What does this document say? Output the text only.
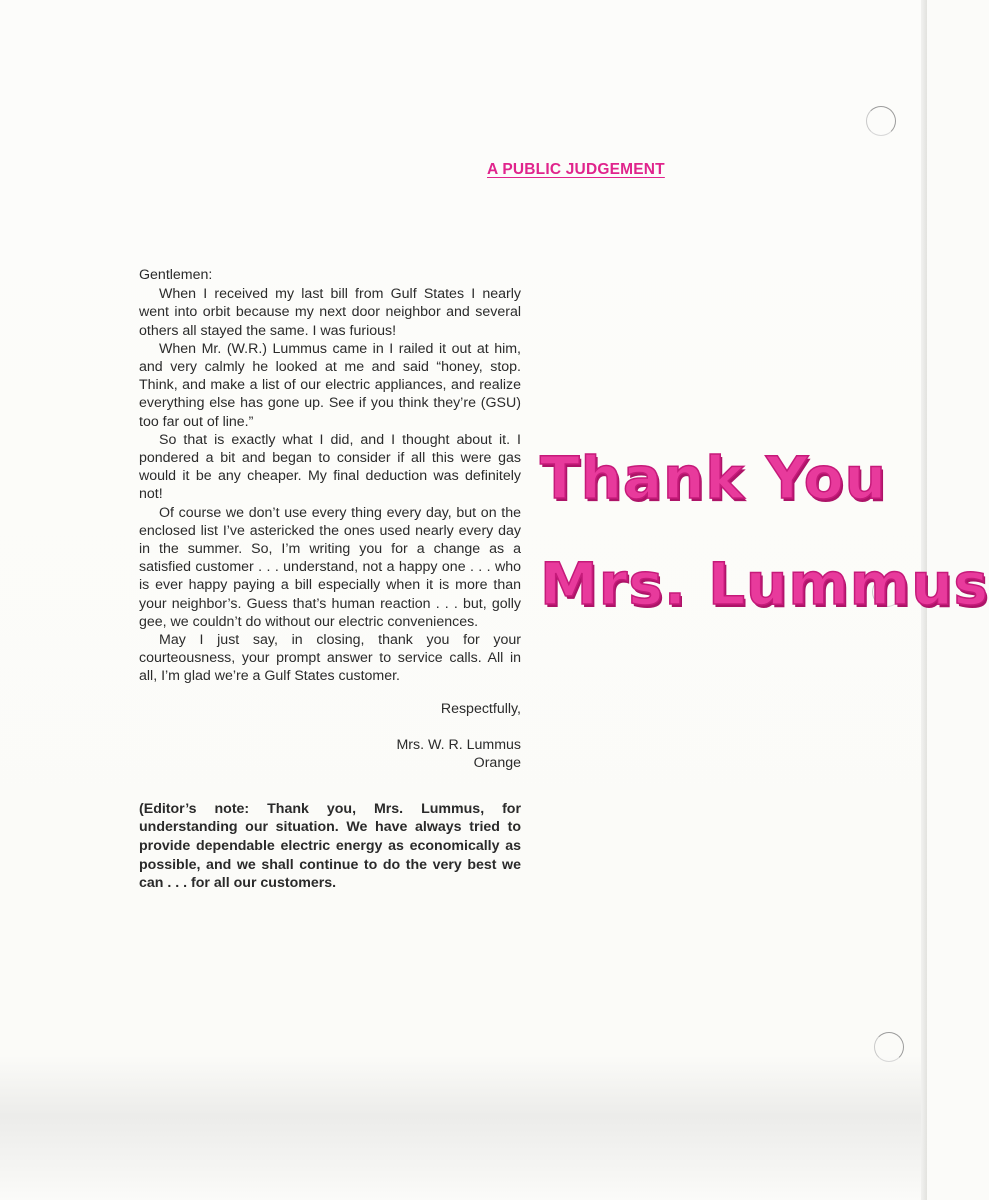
A PUBLIC JUDGEMENT

Gentlemen:

When I received my last bill from Gulf States I nearly went into orbit because my next door neighbor and several others all stayed the same. I was furious!

When Mr. (W.R.) Lummus came in I railed it out at him, and very calmly he looked at me and said “honey, stop. Think, and make a list of our electric appliances, and realize everything else has gone up. See if you think they’re (GSU) too far out of line.”

So that is exactly what I did, and I thought about it. I pondered a bit and began to consider if all this were gas would it be any cheaper. My final deduction was definitely not!

Of course we don’t use every thing every day, but on the enclosed list I’ve astericked the ones used nearly every day in the summer. So, I’m writing you for a change as a satisfied customer . . . understand, not a happy one . . . who is ever happy paying a bill especially when it is more than your neighbor’s. Guess that’s human reaction . . . but, golly gee, we couldn’t do without our electric conveniences.

May I just say, in closing, thank you for your courteousness, your prompt answer to service calls. All in all, I’m glad we’re a Gulf States customer.

Respectfully,
Mrs. W. R. Lummus
Orange
(Editor’s note: Thank you, Mrs. Lummus, for understanding our situation. We have always tried to provide dependable electric energy as economically as possible, and we shall continue to do the very best we can . . . for all our customers.
Thank You
Mrs. Lummus
